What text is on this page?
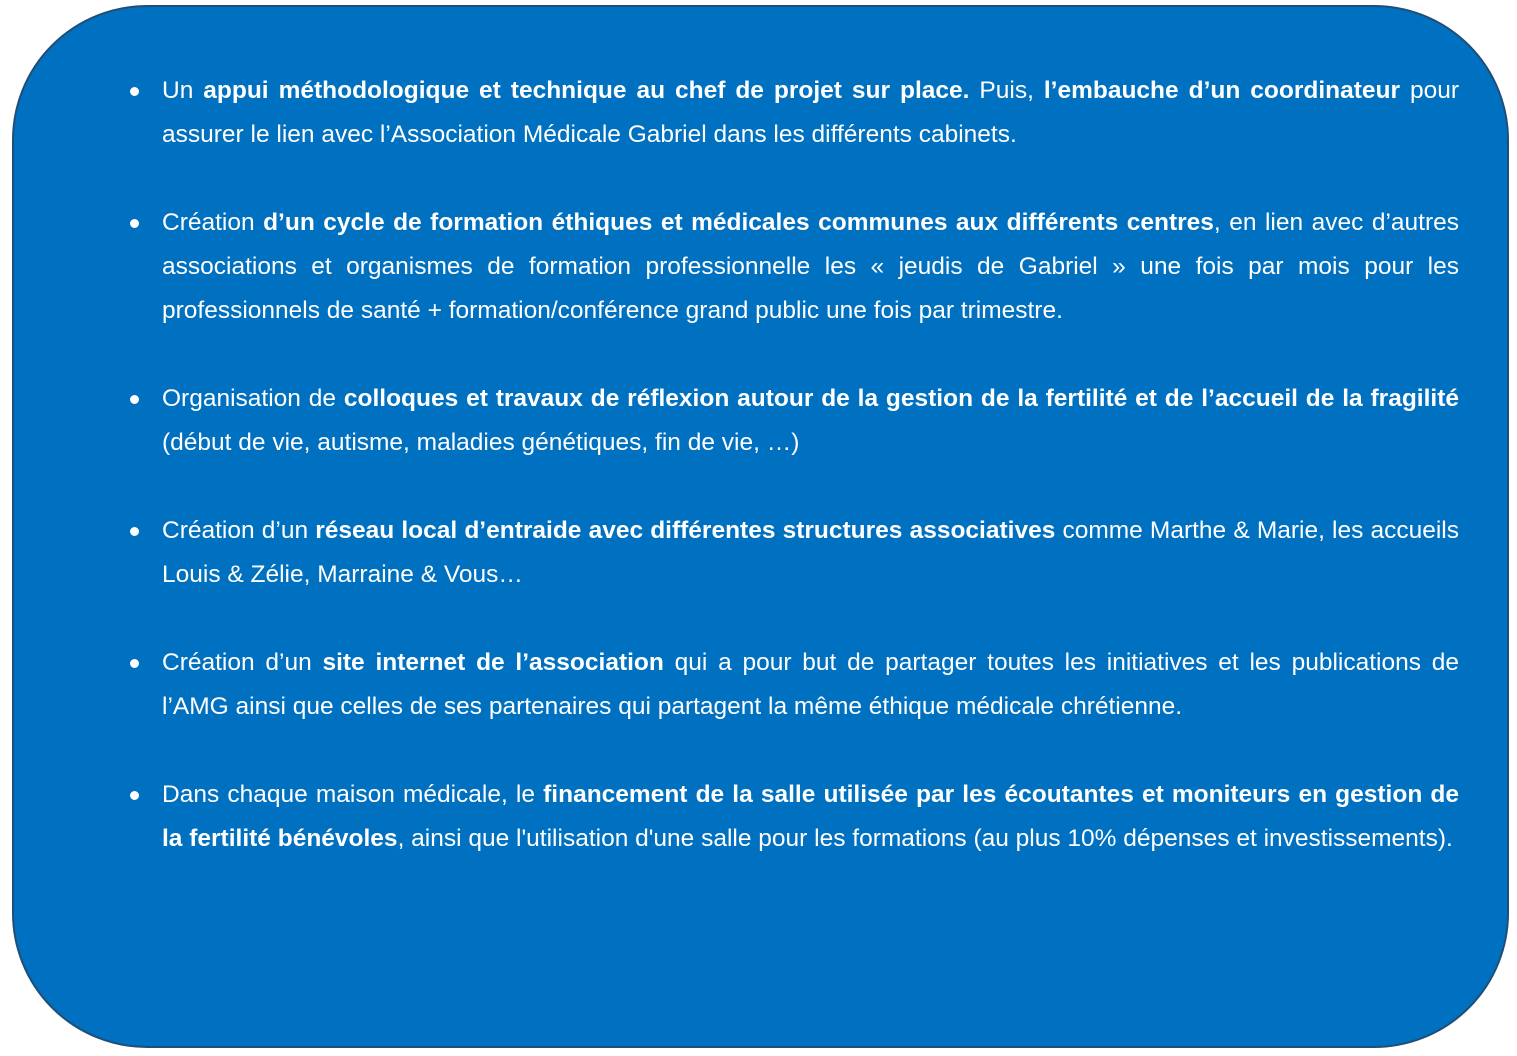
Un appui méthodologique et technique au chef de projet sur place. Puis, l’embauche d’un coordinateur pour assurer le lien avec l’Association Médicale Gabriel dans les différents cabinets.
Création d’un cycle de formation éthiques et médicales communes aux différents centres, en lien avec d’autres associations et organismes de formation professionnelle les « jeudis de Gabriel » une fois par mois pour les professionnels de santé + formation/conférence grand public une fois par trimestre.
Organisation de colloques et travaux de réflexion autour de la gestion de la fertilité et de l’accueil de la fragilité (début de vie, autisme, maladies génétiques, fin de vie, …)
Création d’un réseau local d’entraide avec différentes structures associatives comme Marthe & Marie, les accueils Louis & Zélie, Marraine & Vous…
Création d’un site internet de l’association qui a pour but de partager toutes les initiatives et les publications de l’AMG ainsi que celles de ses partenaires qui partagent la même éthique médicale chrétienne.
Dans chaque maison médicale, le financement de la salle utilisée par les écoutantes et moniteurs en gestion de la fertilité bénévoles, ainsi que l'utilisation d'une salle pour les formations (au plus 10% dépenses et investissements).
